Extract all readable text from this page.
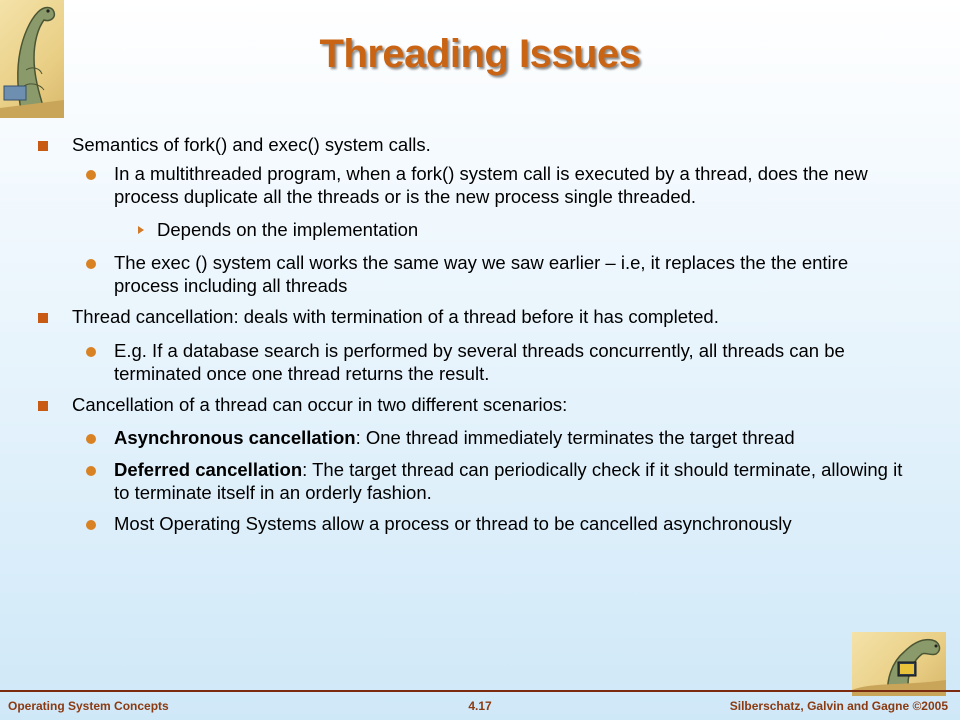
Threading Issues
Semantics of fork() and exec() system calls.
In a multithreaded program, when a fork() system call is executed by a thread, does the new process duplicate all the threads or is the new process single threaded.
Depends on the implementation
The exec () system call works the same way we saw earlier – i.e, it replaces the the entire process including all threads
Thread cancellation: deals with termination of a thread before it has completed.
E.g. If a database search is performed by several threads concurrently, all threads can be terminated once one thread returns the result.
Cancellation of a thread can occur in two different scenarios:
Asynchronous cancellation: One thread immediately terminates the target thread
Deferred cancellation: The target thread can periodically check if it should terminate, allowing it to terminate itself in an orderly fashion.
Most Operating Systems allow a process or thread to be cancelled asynchronously
Operating System Concepts	4.17	Silberschatz, Galvin and Gagne ©2005
